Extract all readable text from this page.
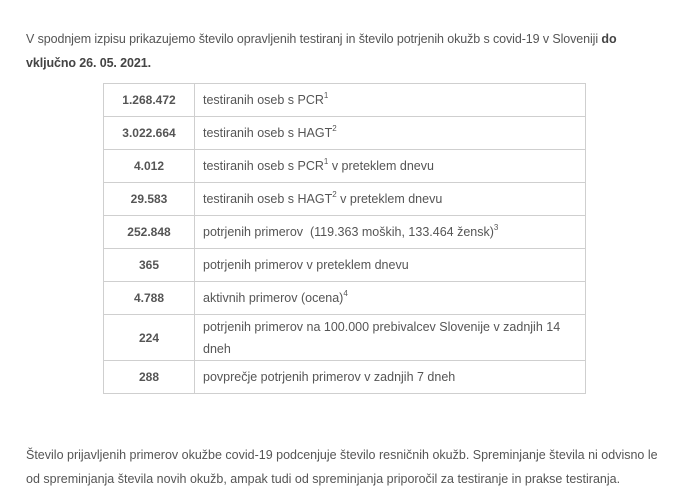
V spodnjem izpisu prikazujemo število opravljenih testiranj in število potrjenih okužb s covid-19 v Sloveniji do vključno 26. 05. 2021.

1.268.472	testiranih oseb s PCR$^1$
3.022.664	testiranih oseb s HAGT$^2$
4.012	testiranih oseb s PCR$^1$ v preteklem dnevu
29.583	testiranih oseb s HAGT$^2$ v preteklem dnevu
252.848	potrjenih primerov  (119.363 moških, 133.464 žensk)$^3$
365	potrjenih primerov v preteklem dnevu
4.788	aktivnih primerov (ocena)$^4$
224	potrjenih primerov na 100.000 prebivalcev Slovenije v zadnjih 14 dneh
288	povprečje potrjenih primerov v zadnjih 7 dneh

Število prijavljenih primerov okužbe covid-19 podcenjuje število resničnih okužb. Spreminjanje števila ni odvisno le od spreminjanja števila novih okužb, ampak tudi od spreminjanja priporočil za testiranje in prakse testiranja.
